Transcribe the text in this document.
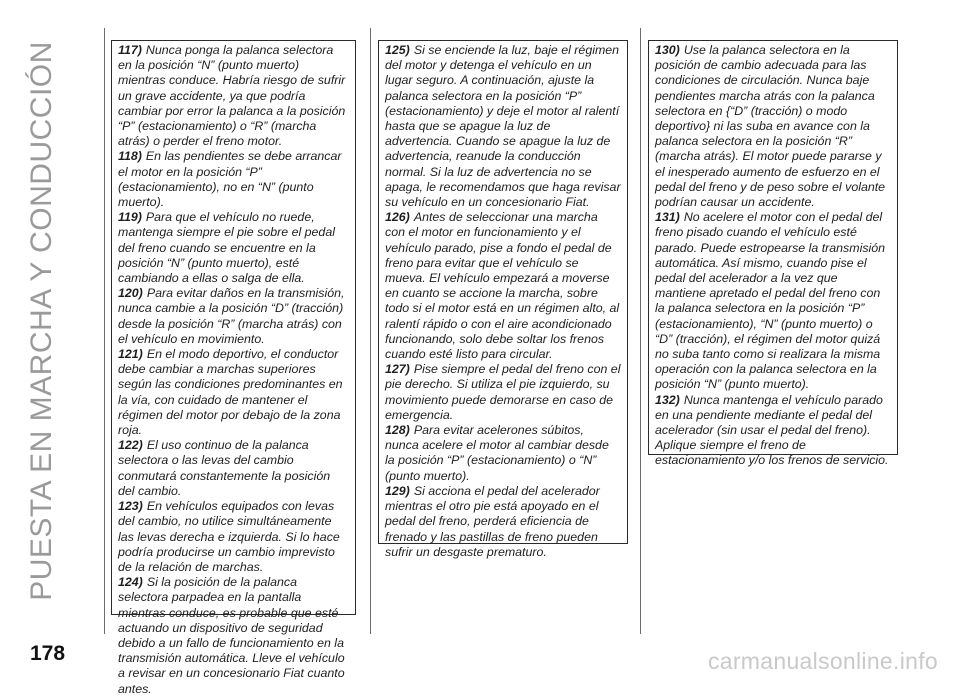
PUESTA EN MARCHA Y CONDUCCIÓN	117) Nunca ponga la palanca selectora en la posición “N” (punto muerto) mientras conduce. Habría riesgo de sufrir un grave accidente, ya que podría cambiar por error la palanca a la posición “P” (estacionamiento) o “R” (marcha atrás) o perder el freno motor.

118) En las pendientes se debe arrancar el motor en la posición “P” (estacionamiento), no en “N” (punto muerto).

119) Para que el vehículo no ruede, mantenga siempre el pie sobre el pedal del freno cuando se encuentre en la posición “N” (punto muerto), esté cambiando a ellas o salga de ella.

120) Para evitar daños en la transmisión, nunca cambie a la posición “D” (tracción) desde la posición “R” (marcha atrás) con el vehículo en movimiento.

121) En el modo deportivo, el conductor debe cambiar a marchas superiores según las condiciones predominantes en la vía, con cuidado de mantener el régimen del motor por debajo de la zona roja.

122) El uso continuo de la palanca selectora o las levas del cambio conmutará constantemente la posición del cambio.

123) En vehículos equipados con levas del cambio, no utilice simultáneamente las levas derecha e izquierda. Si lo hace podría producirse un cambio imprevisto de la relación de marchas.

124) Si la posición de la palanca selectora parpadea en la pantalla mientras conduce, es probable que esté actuando un dispositivo de seguridad debido a un fallo de funcionamiento en la transmisión automática. Lleve el vehículo a revisar en un concesionario Fiat cuanto antes.

125) Si se enciende la luz, baje el régimen del motor y detenga el vehículo en un lugar seguro. A continuación, ajuste la palanca selectora en la posición “P” (estacionamiento) y deje el motor al ralentí hasta que se apague la luz de advertencia. Cuando se apague la luz de advertencia, reanude la conducción normal. Si la luz de advertencia no se apaga, le recomendamos que haga revisar su vehículo en un concesionario Fiat.

126) Antes de seleccionar una marcha con el motor en funcionamiento y el vehículo parado, pise a fondo el pedal de freno para evitar que el vehículo se mueva. El vehículo empezará a moverse en cuanto se accione la marcha, sobre todo si el motor está en un régimen alto, al ralentí rápido o con el aire acondicionado funcionando, solo debe soltar los frenos cuando esté listo para circular.

127) Pise siempre el pedal del freno con el pie derecho. Si utiliza el pie izquierdo, su movimiento puede demorarse en caso de emergencia.

128) Para evitar acelerones súbitos, nunca acelere el motor al cambiar desde la posición “P” (estacionamiento) o “N” (punto muerto).

129) Si acciona el pedal del acelerador mientras el otro pie está apoyado en el pedal del freno, perderá eficiencia de frenado y las pastillas de freno pueden sufrir un desgaste prematuro.

130) Use la palanca selectora en la posición de cambio adecuada para las condiciones de circulación. Nunca baje pendientes marcha atrás con la palanca selectora en {“D” (tracción) o modo deportivo} ni las suba en avance con la palanca selectora en la posición “R” (marcha atrás). El motor puede pararse y el inesperado aumento de esfuerzo en el pedal del freno y de peso sobre el volante podrían causar un accidente.

131) No acelere el motor con el pedal del freno pisado cuando el vehículo esté parado. Puede estropearse la transmisión automática. Así mismo, cuando pise el pedal del acelerador a la vez que mantiene apretado el pedal del freno con la palanca selectora en la posición “P” (estacionamiento), “N” (punto muerto) o “D” (tracción), el régimen del motor quizá no suba tanto como si realizara la misma operación con la palanca selectora en la posición “N” (punto muerto).

132) Nunca mantenga el vehículo parado en una pendiente mediante el pedal del acelerador (sin usar el pedal del freno). Aplique siempre el freno de estacionamiento y/o los frenos de servicio.

178	carmanualsonline.info
